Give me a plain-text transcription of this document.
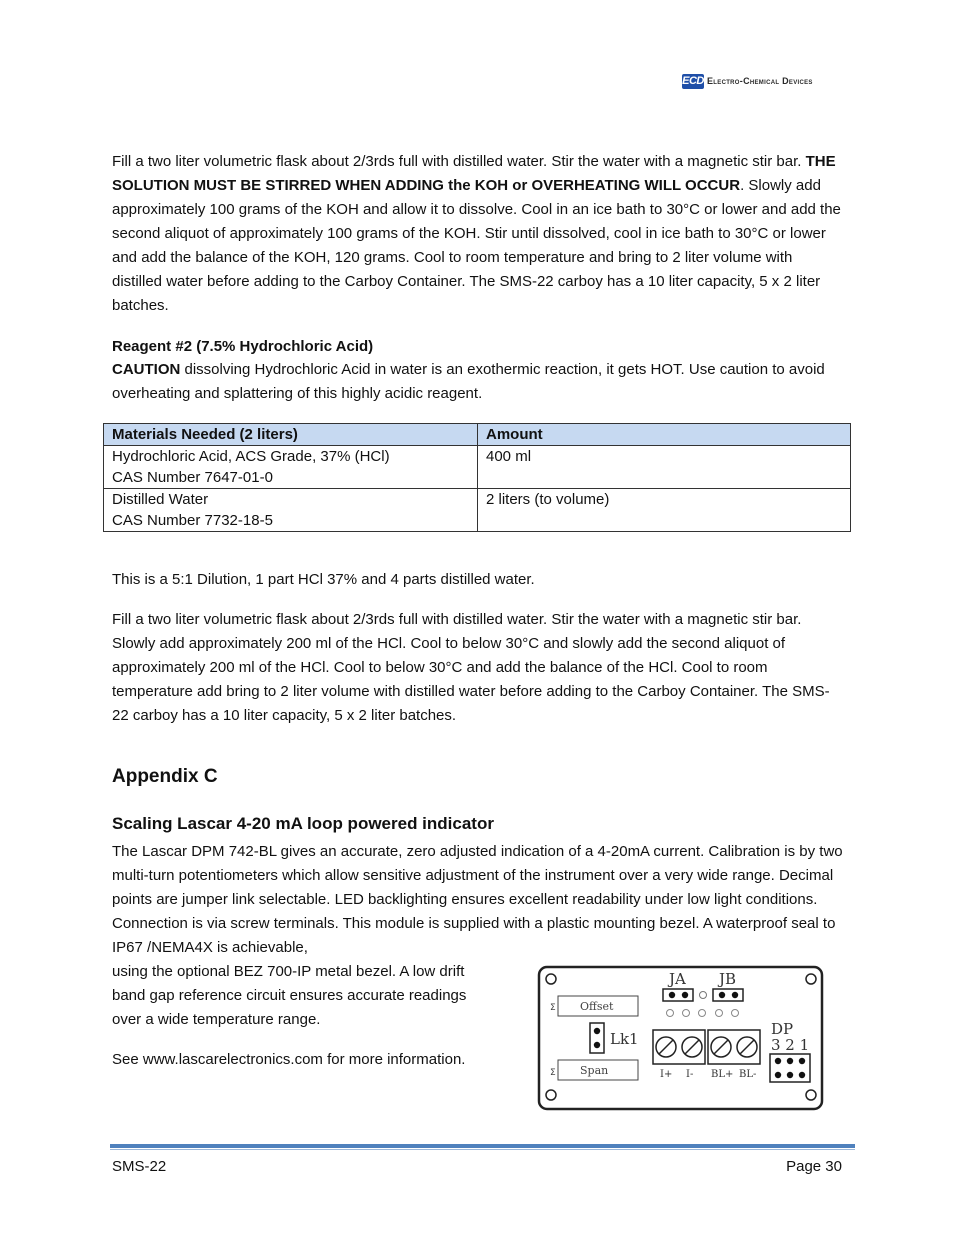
ECD Electro-Chemical Devices

Fill a two liter volumetric flask about 2/3rds full with distilled water. Stir the water with a magnetic stir bar. THE SOLUTION MUST BE STIRRED WHEN ADDING the KOH or OVERHEATING WILL OCCUR. Slowly add approximately 100 grams of the KOH and allow it to dissolve. Cool in an ice bath to 30°C or lower and add the second aliquot of approximately 100 grams of the KOH. Stir until dissolved, cool in ice bath to 30°C or lower and add the balance of the KOH, 120 grams. Cool to room temperature and bring to 2 liter volume with distilled water before adding to the Carboy Container. The SMS-22 carboy has a 10 liter capacity, 5 x 2 liter batches.

Reagent #2 (7.5% Hydrochloric Acid)

CAUTION dissolving Hydrochloric Acid in water is an exothermic reaction, it gets HOT. Use caution to avoid overheating and splattering of this highly acidic reagent.

Materials Needed (2 liters)	Amount

Hydrochloric Acid, ACS Grade, 37% (HCl)
CAS Number 7647-01-0	400 ml

Distilled Water
CAS Number 7732-18-5	2 liters (to volume)

This is a 5:1 Dilution, 1 part HCl 37% and 4 parts distilled water.

Fill a two liter volumetric flask about 2/3rds full with distilled water. Stir the water with a magnetic stir bar. Slowly add approximately 200 ml of the HCl. Cool to below 30°C and slowly add the second aliquot of approximately 200 ml of the HCl. Cool to below 30°C and add the balance of the HCl. Cool to room temperature add bring to 2 liter volume with distilled water before adding to the Carboy Container. The SMS-22 carboy has a 10 liter capacity, 5 x 2 liter batches.

Appendix C
Scaling Lascar 4-20 mA loop powered indicator

The Lascar DPM 742-BL gives an accurate, zero adjusted indication of a 4-20mA current. Calibration is by two multi-turn potentiometers which allow sensitive adjustment of the instrument over a very wide range. Decimal points are jumper link selectable. LED backlighting ensures excellent readability under low light conditions. Connection is via screw terminals. This module is supplied with a plastic mounting bezel. A waterproof seal to IP67 /NEMA4X is achievable,

using the optional BEZ 700-IP metal bezel. A low drift band gap reference circuit ensures accurate readings over a wide temperature range.

See www.lascarelectronics.com for more information.

JA JB
Σ Offset
Lk1
Σ Span	I+ I- BL+ BL-
DP
3 2 1
SMS-22	Page 30
